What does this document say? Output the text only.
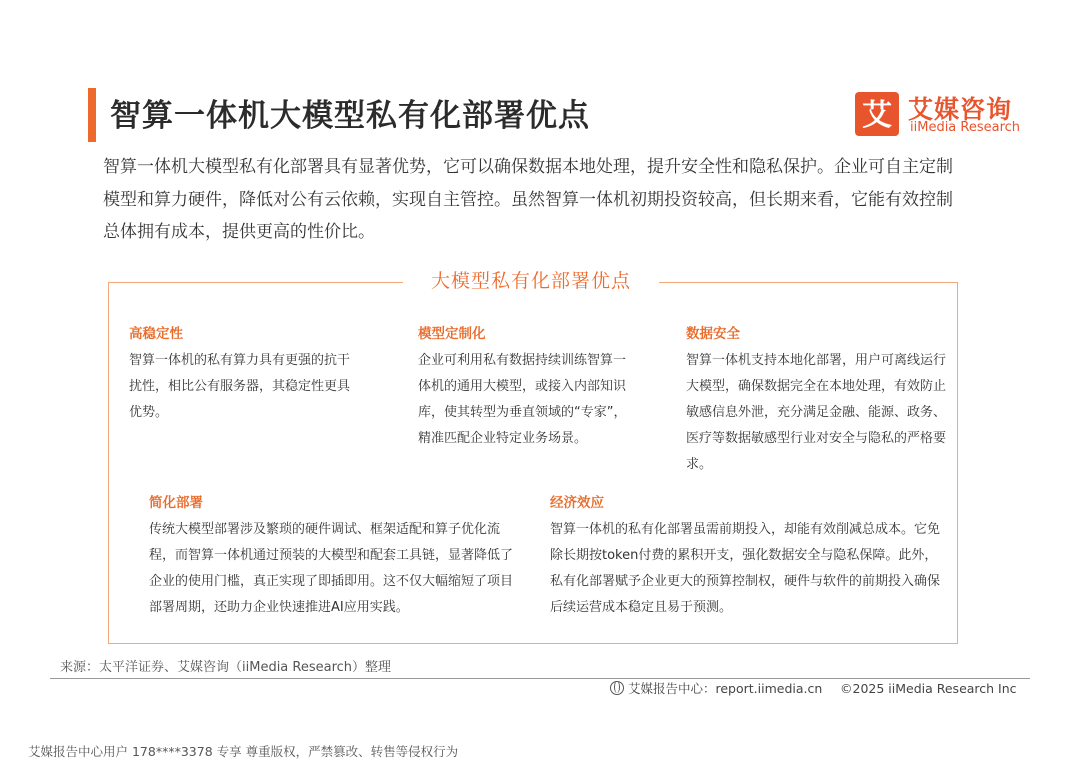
智算一体机大模型私有化部署优点	艾 艾媒咨询
iiMedia Research

智算一体机大模型私有化部署具有显著优势，它可以确保数据本地处理，提升安全性和隐私保护。企业可自主定制模型和算力硬件，降低对公有云依赖，实现自主管控。虽然智算一体机初期投资较高，但长期来看，它能有效控制总体拥有成本，提供更高的性价比。

大模型私有化部署优点
高稳定性

智算一体机的私有算力具有更强的抗干扰性，相比公有服务器，其稳定性更具优势。

模型定制化

企业可利用私有数据持续训练智算一体机的通用大模型，或接入内部知识库，使其转型为垂直领域的“专家”，精准匹配企业特定业务场景。

数据安全

智算一体机支持本地化部署，用户可离线运行大模型，确保数据完全在本地处理，有效防止敏感信息外泄，充分满足金融、能源、政务、医疗等数据敏感型行业对安全与隐私的严格要求。

简化部署

传统大模型部署涉及繁琐的硬件调试、框架适配和算子优化流程，而智算一体机通过预装的大模型和配套工具链，显著降低了企业的使用门槛，真正实现了即插即用。这不仅大幅缩短了项目部署周期，还助力企业快速推进AI应用实践。

经济效应

智算一体机的私有化部署虽需前期投入，却能有效削减总成本。它免除长期按token付费的累积开支，强化数据安全与隐私保障。此外，私有化部署赋予企业更大的预算控制权，硬件与软件的前期投入确保后续运营成本稳定且易于预测。

来源：太平洋证券、艾媒咨询（iiMedia Research）整理
艾媒报告中心：report.iimedia.cn ©2025 iiMedia Research Inc
艾媒报告中心用户 178****3378 专享 尊重版权，严禁篡改、转售等侵权行为
